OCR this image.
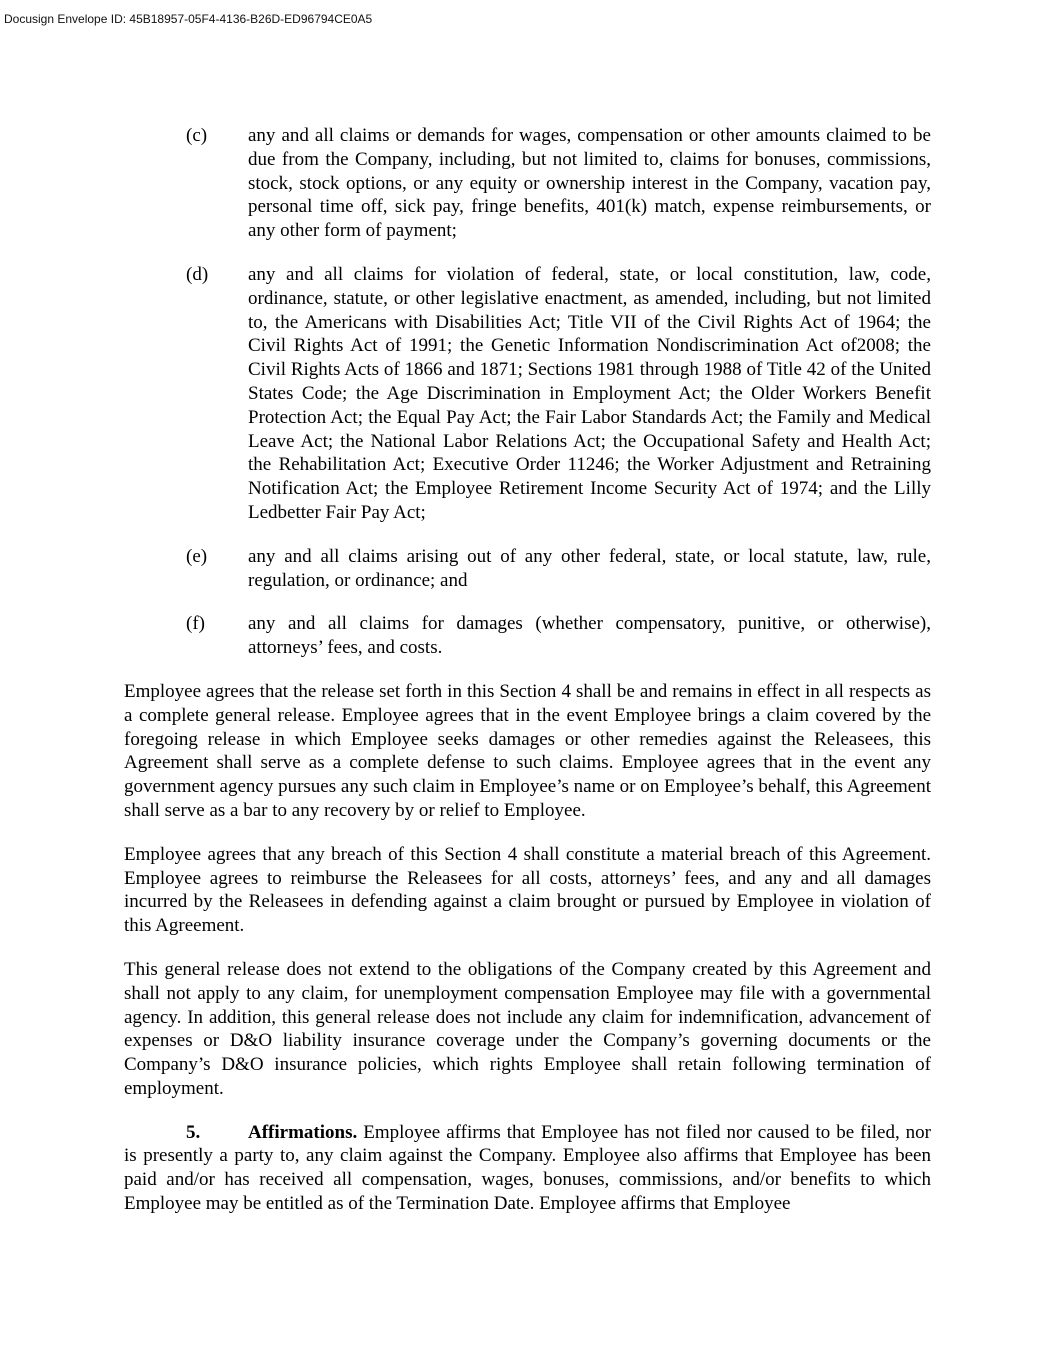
Docusign Envelope ID: 45B18957-05F4-4136-B26D-ED96794CE0A5

(c)	any and all claims or demands for wages, compensation or other amounts claimed to be due from the Company, including, but not limited to, claims for bonuses, commissions, stock, stock options, or any equity or ownership interest in the Company, vacation pay, personal time off, sick pay, fringe benefits, 401(k) match, expense reimbursements, or any other form of payment;
(d)	any and all claims for violation of federal, state, or local constitution, law, code, ordinance, statute, or other legislative enactment, as amended, including, but not limited to, the Americans with Disabilities Act; Title VII of the Civil Rights Act of 1964; the Civil Rights Act of 1991; the Genetic Information Nondiscrimination Act of2008; the Civil Rights Acts of 1866 and 1871; Sections 1981 through 1988 of Title 42 of the United States Code; the Age Discrimination in Employment Act; the Older Workers Benefit Protection Act; the Equal Pay Act; the Fair Labor Standards Act; the Family and Medical Leave Act; the National Labor Relations Act; the Occupational Safety and Health Act; the Rehabilitation Act; Executive Order 11246; the Worker Adjustment and Retraining Notification Act; the Employee Retirement Income Security Act of 1974; and the Lilly Ledbetter Fair Pay Act;
(e)	any and all claims arising out of any other federal, state, or local statute, law, rule, regulation, or ordinance; and
(f)	any and all claims for damages (whether compensatory, punitive, or otherwise), attorneys’ fees, and costs.

Employee agrees that the release set forth in this Section 4 shall be and remains in effect in all respects as a complete general release. Employee agrees that in the event Employee brings a claim covered by the foregoing release in which Employee seeks damages or other remedies against the Releasees, this Agreement shall serve as a complete defense to such claims. Employee agrees that in the event any government agency pursues any such claim in Employee’s name or on Employee’s behalf, this Agreement shall serve as a bar to any recovery by or relief to Employee.

Employee agrees that any breach of this Section 4 shall constitute a material breach of this Agreement. Employee agrees to reimburse the Releasees for all costs, attorneys’ fees, and any and all damages incurred by the Releasees in defending against a claim brought or pursued by Employee in violation of this Agreement.

This general release does not extend to the obligations of the Company created by this Agreement and shall not apply to any claim, for unemployment compensation Employee may file with a governmental agency. In addition, this general release does not include any claim for indemnification, advancement of expenses or D&O liability insurance coverage under the Company’s governing documents or the Company’s D&O insurance policies, which rights Employee shall retain following termination of employment.

5.	Affirmations. Employee affirms that Employee has not filed nor caused to be filed, nor is presently a party to, any claim against the Company. Employee also affirms that Employee has been paid and/or has received all compensation, wages, bonuses, commissions, and/or benefits to which Employee may be entitled as of the Termination Date. Employee affirms that Employee
